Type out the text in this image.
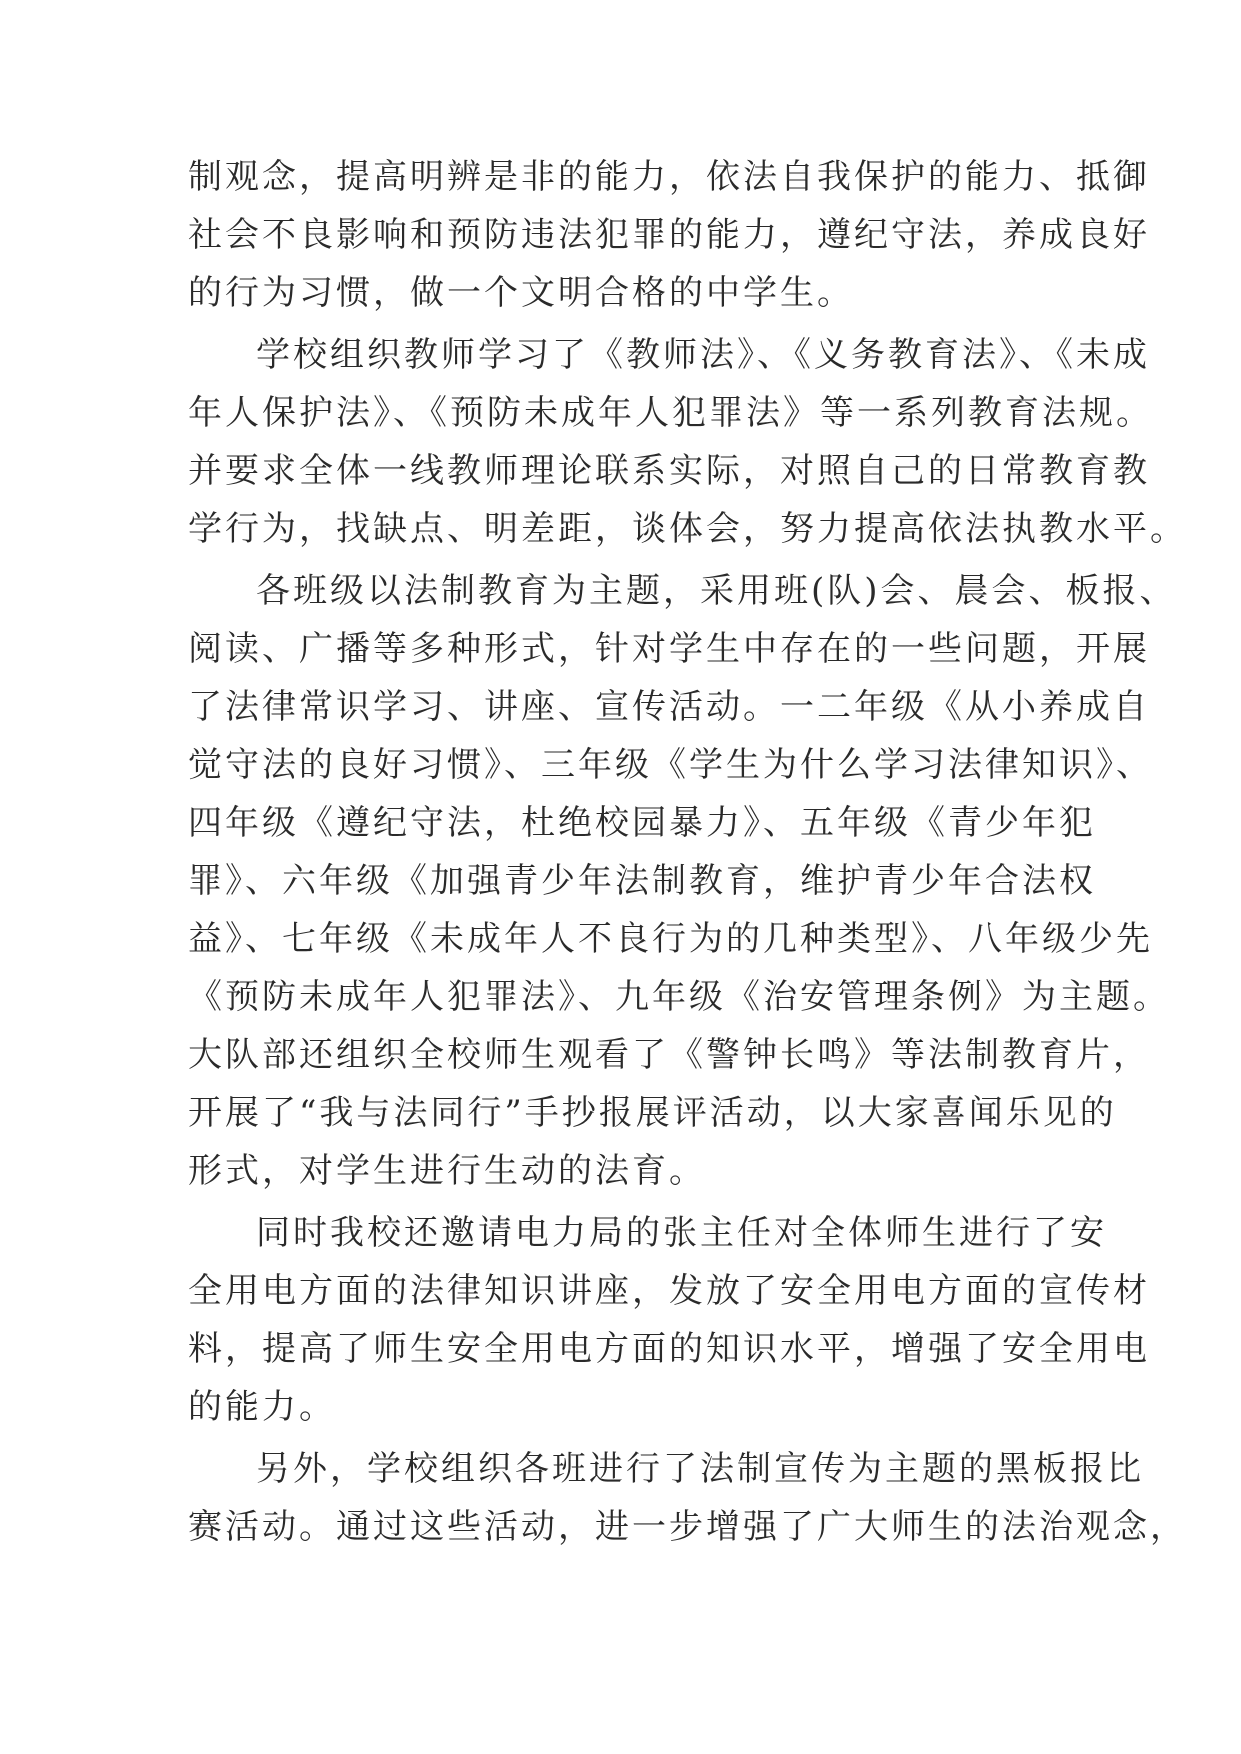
制观念，提高明辨是非的能力，依法自我保护的能力、抵御
社会不良影响和预防违法犯罪的能力，遵纪守法，养成良好
的行为习惯，做一个文明合格的中学生。
学校组织教师学习了《教师法》、《义务教育法》、《未成
年人保护法》、《预防未成年人犯罪法》等一系列教育法规。
并要求全体一线教师理论联系实际，对照自己的日常教育教
学行为，找缺点、明差距，谈体会，努力提高依法执教水平。
各班级以法制教育为主题，采用班(队)会、晨会、板报、
阅读、广播等多种形式，针对学生中存在的一些问题，开展
了法律常识学习、讲座、宣传活动。一二年级《从小养成自
觉守法的良好习惯》、三年级《学生为什么学习法律知识》、
四年级《遵纪守法，杜绝校园暴力》、五年级《青少年犯
罪》、六年级《加强青少年法制教育，维护青少年合法权
益》、七年级《未成年人不良行为的几种类型》、八年级少先
《预防未成年人犯罪法》、九年级《治安管理条例》为主题。
大队部还组织全校师生观看了《警钟长鸣》等法制教育片，
开展了“我与法同行”手抄报展评活动，以大家喜闻乐见的
形式，对学生进行生动的法育。
同时我校还邀请电力局的张主任对全体师生进行了安
全用电方面的法律知识讲座，发放了安全用电方面的宣传材
料，提高了师生安全用电方面的知识水平，增强了安全用电
的能力。
另外，学校组织各班进行了法制宣传为主题的黑板报比
赛活动。通过这些活动，进一步增强了广大师生的法治观念，
